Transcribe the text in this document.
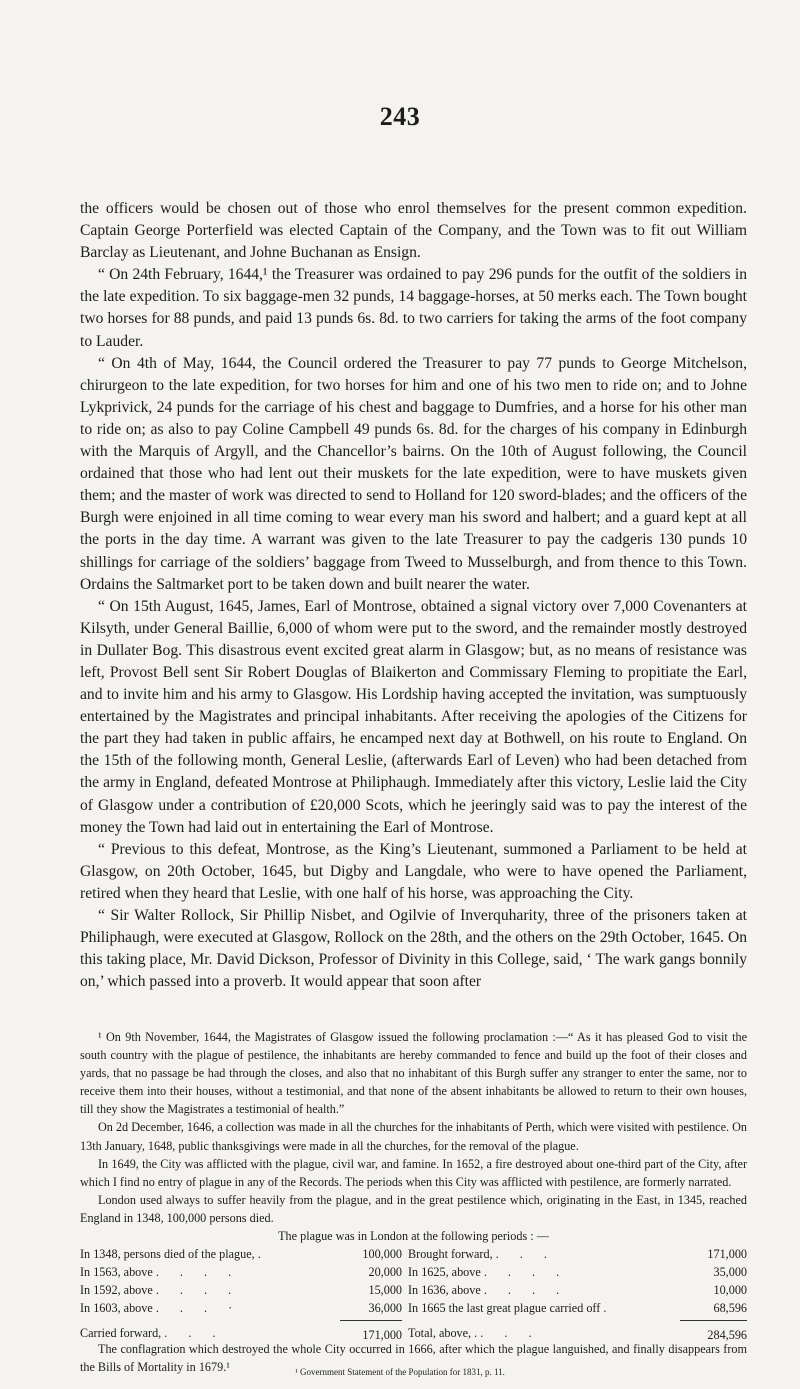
243

the officers would be chosen out of those who enrol themselves for the present common expedition. Captain George Porterfield was elected Captain of the Company, and the Town was to fit out William Barclay as Lieutenant, and Johne Buchanan as Ensign.

“ On 24th February, 1644,¹ the Treasurer was ordained to pay 296 punds for the outfit of the soldiers in the late expedition. To six baggage-men 32 punds, 14 baggage-horses, at 50 merks each. The Town bought two horses for 88 punds, and paid 13 punds 6s. 8d. to two carriers for taking the arms of the foot company to Lauder.

“ On 4th of May, 1644, the Council ordered the Treasurer to pay 77 punds to George Mitchelson, chirurgeon to the late expedition, for two horses for him and one of his two men to ride on; and to Johne Lykprivick, 24 punds for the carriage of his chest and baggage to Dumfries, and a horse for his other man to ride on; as also to pay Coline Campbell 49 punds 6s. 8d. for the charges of his company in Edinburgh with the Marquis of Argyll, and the Chancellor’s bairns. On the 10th of August following, the Council ordained that those who had lent out their muskets for the late expedition, were to have muskets given them; and the master of work was directed to send to Holland for 120 sword-blades; and the officers of the Burgh were enjoined in all time coming to wear every man his sword and halbert; and a guard kept at all the ports in the day time. A warrant was given to the late Treasurer to pay the cadgeris 130 punds 10 shillings for carriage of the soldiers’ baggage from Tweed to Musselburgh, and from thence to this Town. Ordains the Saltmarket port to be taken down and built nearer the water.

“ On 15th August, 1645, James, Earl of Montrose, obtained a signal victory over 7,000 Covenanters at Kilsyth, under General Baillie, 6,000 of whom were put to the sword, and the remainder mostly destroyed in Dullater Bog. This disastrous event excited great alarm in Glasgow; but, as no means of resistance was left, Provost Bell sent Sir Robert Douglas of Blaikerton and Commissary Fleming to propitiate the Earl, and to invite him and his army to Glasgow. His Lordship having accepted the invitation, was sumptuously entertained by the Magistrates and principal inhabitants. After receiving the apologies of the Citizens for the part they had taken in public affairs, he encamped next day at Bothwell, on his route to England. On the 15th of the following month, General Leslie, (afterwards Earl of Leven) who had been detached from the army in England, defeated Montrose at Philiphaugh. Immediately after this victory, Leslie laid the City of Glasgow under a contribution of £20,000 Scots, which he jeeringly said was to pay the interest of the money the Town had laid out in entertaining the Earl of Montrose.

“ Previous to this defeat, Montrose, as the King’s Lieutenant, summoned a Parliament to be held at Glasgow, on 20th October, 1645, but Digby and Langdale, who were to have opened the Parliament, retired when they heard that Leslie, with one half of his horse, was approaching the City.

“ Sir Walter Rollock, Sir Phillip Nisbet, and Ogilvie of Inverquharity, three of the prisoners taken at Philiphaugh, were executed at Glasgow, Rollock on the 28th, and the others on the 29th October, 1645. On this taking place, Mr. David Dickson, Professor of Divinity in this College, said, ‘ The wark gangs bonnily on,’ which passed into a proverb. It would appear that soon after

¹ On 9th November, 1644, the Magistrates of Glasgow issued the following proclamation :—“ As it has pleased God to visit the south country with the plague of pestilence, the inhabitants are hereby commanded to fence and build up the foot of their closes and yards, that no passage be had through the closes, and also that no inhabitant of this Burgh suffer any stranger to enter the same, nor to receive them into their houses, without a testimonial, and that none of the absent inhabitants be allowed to return to their own houses, till they show the Magistrates a testimonial of health.”

On 2d December, 1646, a collection was made in all the churches for the inhabitants of Perth, which were visited with pestilence. On 13th January, 1648, public thanksgivings were made in all the churches, for the removal of the plague.

In 1649, the City was afflicted with the plague, civil war, and famine. In 1652, a fire destroyed about one-third part of the City, after which I find no entry of plague in any of the Records. The periods when this City was afflicted with pestilence, are formerly narrated.

London used always to suffer heavily from the plague, and in the great pestilence which, originating in the East, in 1345, reached England in 1348, 100,000 persons died.

The plague was in London at the following periods : —

In 1348, persons died of the plague, .
In 1563, above . . . .
In 1592, above . . . .
In 1603, above . . . ·
Carried forward, . . .
100,000
20,000
15,000
36,000
171,000
Brought forward, . . .
In 1625, above . . . .
In 1636, above . . . .
In 1665 the last great plague carried off .
Total, above, . . . .
171,000
35,000
10,000
68,596
284,596

The conflagration which destroyed the whole City occurred in 1666, after which the plague languished, and finally disappears from the Bills of Mortality in 1679.¹	¹ Government Statement of the Population for 1831, p. 11.
